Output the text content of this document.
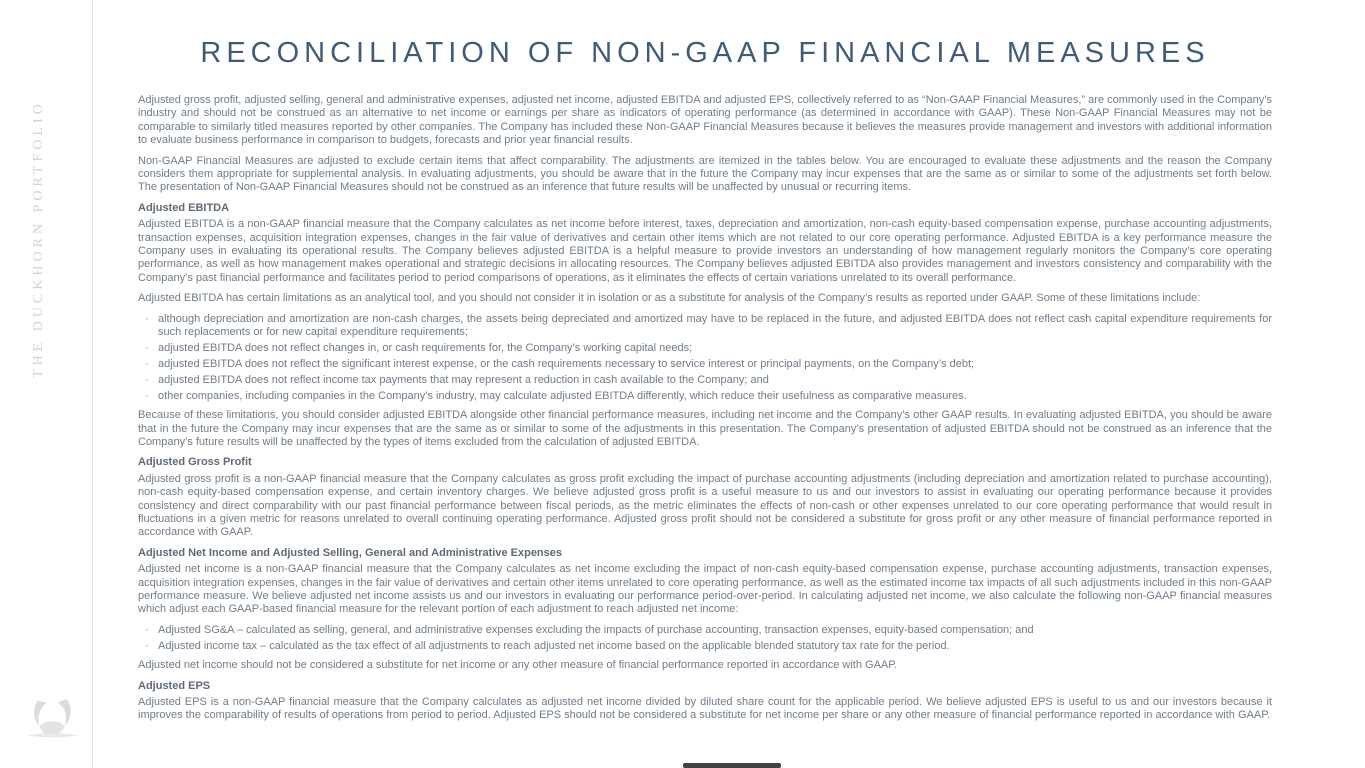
THE DUCKHORN PORTFOLIO
RECONCILIATION OF NON-GAAP FINANCIAL MEASURES

Adjusted gross profit, adjusted selling, general and administrative expenses, adjusted net income, adjusted EBITDA and adjusted EPS, collectively referred to as “Non-GAAP Financial Measures,” are commonly used in the Company’s industry and should not be construed as an alternative to net income or earnings per share as indicators of operating performance (as determined in accordance with GAAP). These Non-GAAP Financial Measures may not be comparable to similarly titled measures reported by other companies. The Company has included these Non-GAAP Financial Measures because it believes the measures provide management and investors with additional information to evaluate business performance in comparison to budgets, forecasts and prior year financial results.

Non-GAAP Financial Measures are adjusted to exclude certain items that affect comparability. The adjustments are itemized in the tables below. You are encouraged to evaluate these adjustments and the reason the Company considers them appropriate for supplemental analysis. In evaluating adjustments, you should be aware that in the future the Company may incur expenses that are the same as or similar to some of the adjustments set forth below. The presentation of Non-GAAP Financial Measures should not be construed as an inference that future results will be unaffected by unusual or recurring items.

Adjusted EBITDA

Adjusted EBITDA is a non-GAAP financial measure that the Company calculates as net income before interest, taxes, depreciation and amortization, non-cash equity-based compensation expense, purchase accounting adjustments, transaction expenses, acquisition integration expenses, changes in the fair value of derivatives and certain other items which are not related to our core operating performance. Adjusted EBITDA is a key performance measure the Company uses in evaluating its operational results. The Company believes adjusted EBITDA is a helpful measure to provide investors an understanding of how management regularly monitors the Company’s core operating performance, as well as how management makes operational and strategic decisions in allocating resources. The Company believes adjusted EBITDA also provides management and investors consistency and comparability with the Company’s past financial performance and facilitates period to period comparisons of operations, as it eliminates the effects of certain variations unrelated to its overall performance.

Adjusted EBITDA has certain limitations as an analytical tool, and you should not consider it in isolation or as a substitute for analysis of the Company’s results as reported under GAAP. Some of these limitations include:

· although depreciation and amortization are non-cash charges, the assets being depreciated and amortized may have to be replaced in the future, and adjusted EBITDA does not reflect cash capital expenditure requirements for such replacements or for new capital expenditure requirements;
· adjusted EBITDA does not reflect changes in, or cash requirements for, the Company’s working capital needs;
· adjusted EBITDA does not reflect the significant interest expense, or the cash requirements necessary to service interest or principal payments, on the Company’s debt;
· adjusted EBITDA does not reflect income tax payments that may represent a reduction in cash available to the Company; and
· other companies, including companies in the Company’s industry, may calculate adjusted EBITDA differently, which reduce their usefulness as comparative measures.

Because of these limitations, you should consider adjusted EBITDA alongside other financial performance measures, including net income and the Company’s other GAAP results. In evaluating adjusted EBITDA, you should be aware that in the future the Company may incur expenses that are the same as or similar to some of the adjustments in this presentation. The Company’s presentation of adjusted EBITDA should not be construed as an inference that the Company’s future results will be unaffected by the types of items excluded from the calculation of adjusted EBITDA.

Adjusted Gross Profit

Adjusted gross profit is a non-GAAP financial measure that the Company calculates as gross profit excluding the impact of purchase accounting adjustments (including depreciation and amortization related to purchase accounting), non-cash equity-based compensation expense, and certain inventory charges. We believe adjusted gross profit is a useful measure to us and our investors to assist in evaluating our operating performance because it provides consistency and direct comparability with our past financial performance between fiscal periods, as the metric eliminates the effects of non-cash or other expenses unrelated to our core operating performance that would result in fluctuations in a given metric for reasons unrelated to overall continuing operating performance. Adjusted gross profit should not be considered a substitute for gross profit or any other measure of financial performance reported in accordance with GAAP.

Adjusted Net Income and Adjusted Selling, General and Administrative Expenses

Adjusted net income is a non-GAAP financial measure that the Company calculates as net income excluding the impact of non-cash equity-based compensation expense, purchase accounting adjustments, transaction expenses, acquisition integration expenses, changes in the fair value of derivatives and certain other items unrelated to core operating performance, as well as the estimated income tax impacts of all such adjustments included in this non-GAAP performance measure. We believe adjusted net income assists us and our investors in evaluating our performance period-over-period. In calculating adjusted net income, we also calculate the following non-GAAP financial measures which adjust each GAAP-based financial measure for the relevant portion of each adjustment to reach adjusted net income:

· Adjusted SG&A – calculated as selling, general, and administrative expenses excluding the impacts of purchase accounting, transaction expenses, equity-based compensation; and
· Adjusted income tax – calculated as the tax effect of all adjustments to reach adjusted net income based on the applicable blended statutory tax rate for the period.

Adjusted net income should not be considered a substitute for net income or any other measure of financial performance reported in accordance with GAAP.

Adjusted EPS

Adjusted EPS is a non-GAAP financial measure that the Company calculates as adjusted net income divided by diluted share count for the applicable period. We believe adjusted EPS is useful to us and our investors because it improves the comparability of results of operations from period to period. Adjusted EPS should not be considered a substitute for net income per share or any other measure of financial performance reported in accordance with GAAP.
